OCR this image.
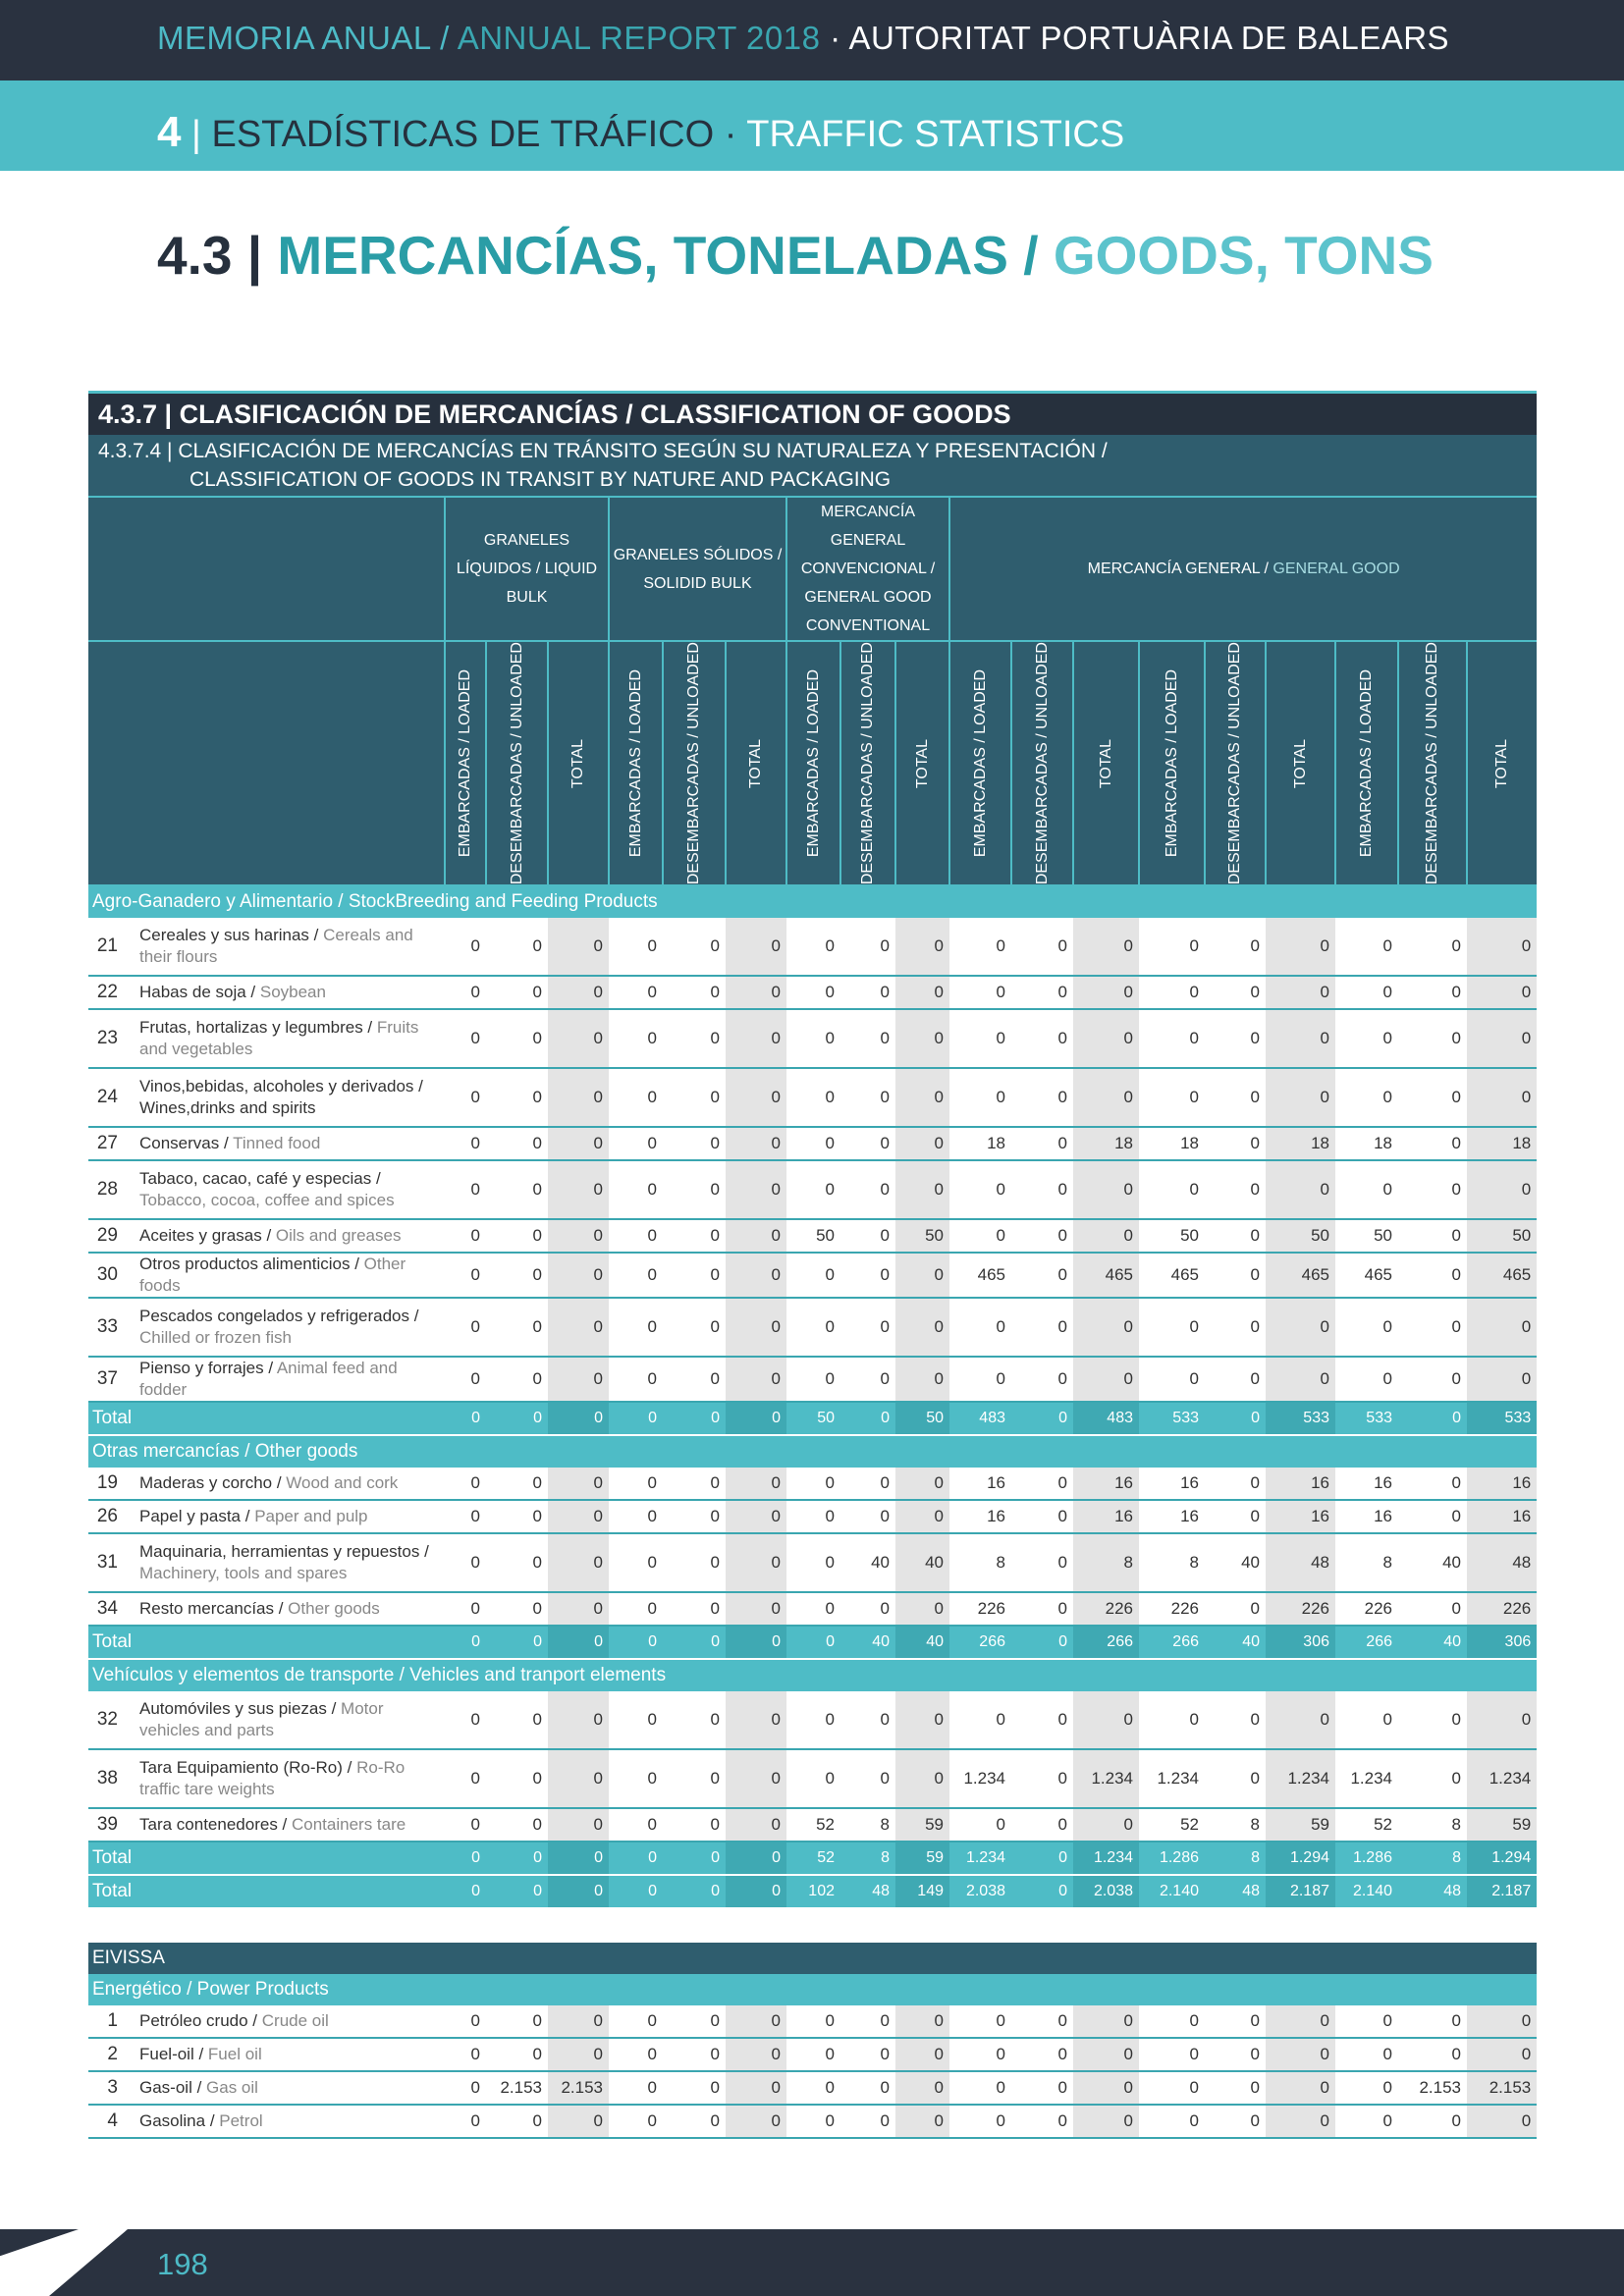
MEMORIA ANUAL / ANNUAL REPORT 2018 · AUTORITAT PORTUÀRIA DE BALEARS
4 | ESTADÍSTICAS DE TRÁFICO · TRAFFIC STATISTICS
4.3 | MERCANCÍAS, TONELADAS / GOODS, TONS
4.3.7 | CLASIFICACIÓN DE MERCANCÍAS / CLASSIFICATION OF GOODS																			
4.3.7.4 | CLASIFICACIÓN DE MERCANCÍAS EN TRÁNSITO SEGÚN SU NATURALEZA Y PRESENTACIÓN /
CLASSIFICATION OF GOODS IN TRANSIT BY NATURE AND PACKAGING																			
		GRANELES LÍQUIDOS / LIQUID BULK			GRANELES SÓLIDOS / SOLIDID BULK			MERCANCÍA GENERAL CONVENCIONAL / GENERAL GOOD CONVENTIONAL			MERCANCÍA GENERAL / GENERAL GOOD								

		EMBARCADAS / LOADED	DESEMBARCADAS / UNLOADED	TOTAL	EMBARCADAS / LOADED	DESEMBARCADAS / UNLOADED	TOTAL	EMBARCADAS / LOADED	DESEMBARCADAS / UNLOADED	TOTAL	EMBARCADAS / LOADED	DESEMBARCADAS / UNLOADED	TOTAL	EMBARCADAS / LOADED	DESEMBARCADAS / UNLOADED	TOTAL	EMBARCADAS / LOADED	DESEMBARCADAS / UNLOADED	TOTAL

Agro-Ganadero y Alimentario / StockBreeding and Feeding Products																			
21	Cereales y sus harinas / Cereals and their flours	0	0	0	0	0	0	0	0	0	0	0	0	0	0	0	0	0	0
22	Habas de soja / Soybean	0	0	0	0	0	0	0	0	0	0	0	0	0	0	0	0	0	0
23	Frutas, hortalizas y legumbres / Fruits and vegetables	0	0	0	0	0	0	0	0	0	0	0	0	0	0	0	0	0	0
24	Vinos,bebidas, alcoholes y derivados / Wines,drinks and spirits	0	0	0	0	0	0	0	0	0	0	0	0	0	0	0	0	0	0
27	Conservas / Tinned food	0	0	0	0	0	0	0	0	0	18	0	18	18	0	18	18	0	18
28	Tabaco, cacao, café y especias / Tobacco, cocoa, coffee and spices	0	0	0	0	0	0	0	0	0	0	0	0	0	0	0	0	0	0
29	Aceites y grasas / Oils and greases	0	0	0	0	0	0	50	0	50	0	0	0	50	0	50	50	0	50
30	Otros productos alimenticios / Other foods	0	0	0	0	0	0	0	0	0	465	0	465	465	0	465	465	0	465
33	Pescados congelados y refrigerados / Chilled or frozen fish	0	0	0	0	0	0	0	0	0	0	0	0	0	0	0	0	0	0
37	Pienso y forrajes / Animal feed and fodder	0	0	0	0	0	0	0	0	0	0	0	0	0	0	0	0	0	0
Total		0	0	0	0	0	0	50	0	50	483	0	483	533	0	533	533	0	533
Otras mercancías / Other goods																			
19	Maderas y corcho / Wood and cork	0	0	0	0	0	0	0	0	0	16	0	16	16	0	16	16	0	16
26	Papel y pasta / Paper and pulp	0	0	0	0	0	0	0	0	0	16	0	16	16	0	16	16	0	16
31	Maquinaria, herramientas y repuestos / Machinery, tools and spares	0	0	0	0	0	0	0	40	40	8	0	8	8	40	48	8	40	48
34	Resto mercancías / Other goods	0	0	0	0	0	0	0	0	0	226	0	226	226	0	226	226	0	226
Total		0	0	0	0	0	0	0	40	40	266	0	266	266	40	306	266	40	306
Vehículos y elementos de transporte / Vehicles and tranport elements																			
32	Automóviles y sus piezas / Motor vehicles and parts	0	0	0	0	0	0	0	0	0	0	0	0	0	0	0	0	0	0
38	Tara Equipamiento (Ro-Ro) / Ro-Ro traffic tare weights	0	0	0	0	0	0	0	0	0	1.234	0	1.234	1.234	0	1.234	1.234	0	1.234
39	Tara contenedores / Containers tare	0	0	0	0	0	0	52	8	59	0	0	0	52	8	59	52	8	59
Total		0	0	0	0	0	0	52	8	59	1.234	0	1.234	1.286	8	1.294	1.286	8	1.294
Total		0	0	0	0	0	0	102	48	149	2.038	0	2.038	2.140	48	2.187	2.140	48	2.187

EIVISSA																			
Energético / Power Products																			
1	Petróleo crudo / Crude oil	0	0	0	0	0	0	0	0	0	0	0	0	0	0	0	0	0	0
2	Fuel-oil / Fuel oil	0	0	0	0	0	0	0	0	0	0	0	0	0	0	0	0	0	0
3	Gas-oil / Gas oil	0	2.153	2.153	0	0	0	0	0	0	0	0	0	0	0	0	0	2.153	2.153
4	Gasolina / Petrol	0	0	0	0	0	0	0	0	0	0	0	0	0	0	0	0	0	0
198
